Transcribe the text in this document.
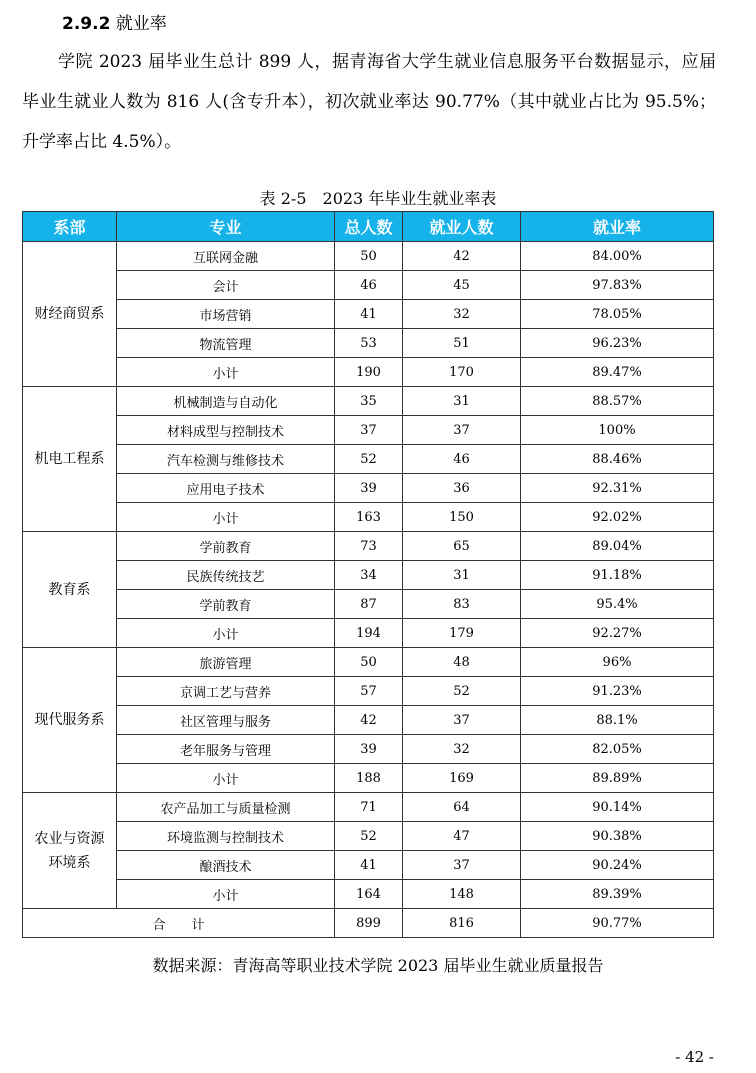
2.9.2 就业率

学院 2023 届毕业生总计 899 人，据青海省大学生就业信息服务平台数据显示，应届毕业生就业人数为 816 人(含专升本），初次就业率达 90.77%（其中就业占比为 95.5%；升学率占比 4.5%）。

表 2-5　2023 年毕业生就业率表
系部	专业	总人数	就业人数	就业率
财经商贸系	互联网金融	50	42	84.00%
	会计	46	45	97.83%
	市场营销	41	32	78.05%
	物流管理	53	51	96.23%
	小计	190	170	89.47%
机电工程系	机械制造与自动化	35	31	88.57%
	材料成型与控制技术	37	37	100%
	汽车检测与维修技术	52	46	88.46%
	应用电子技术	39	36	92.31%
	小计	163	150	92.02%
教育系	学前教育	73	65	89.04%
	民族传统技艺	34	31	91.18%
	学前教育	87	83	95.4%
	小计	194	179	92.27%
现代服务系	旅游管理	50	48	96%
	京调工艺与营养	57	52	91.23%
	社区管理与服务	42	37	88.1%
	老年服务与管理	39	32	82.05%
	小计	188	169	89.89%

农业与资源
环境系	农产品加工与质量检测	71	64	90.14%
	环境监测与控制技术	52	47	90.38%
	酿酒技术	41	37	90.24%
	小计	164	148	89.39%
合　　计		899	816	90.77%
数据来源：青海高等职业技术学院 2023 届毕业生就业质量报告
- 42 -
